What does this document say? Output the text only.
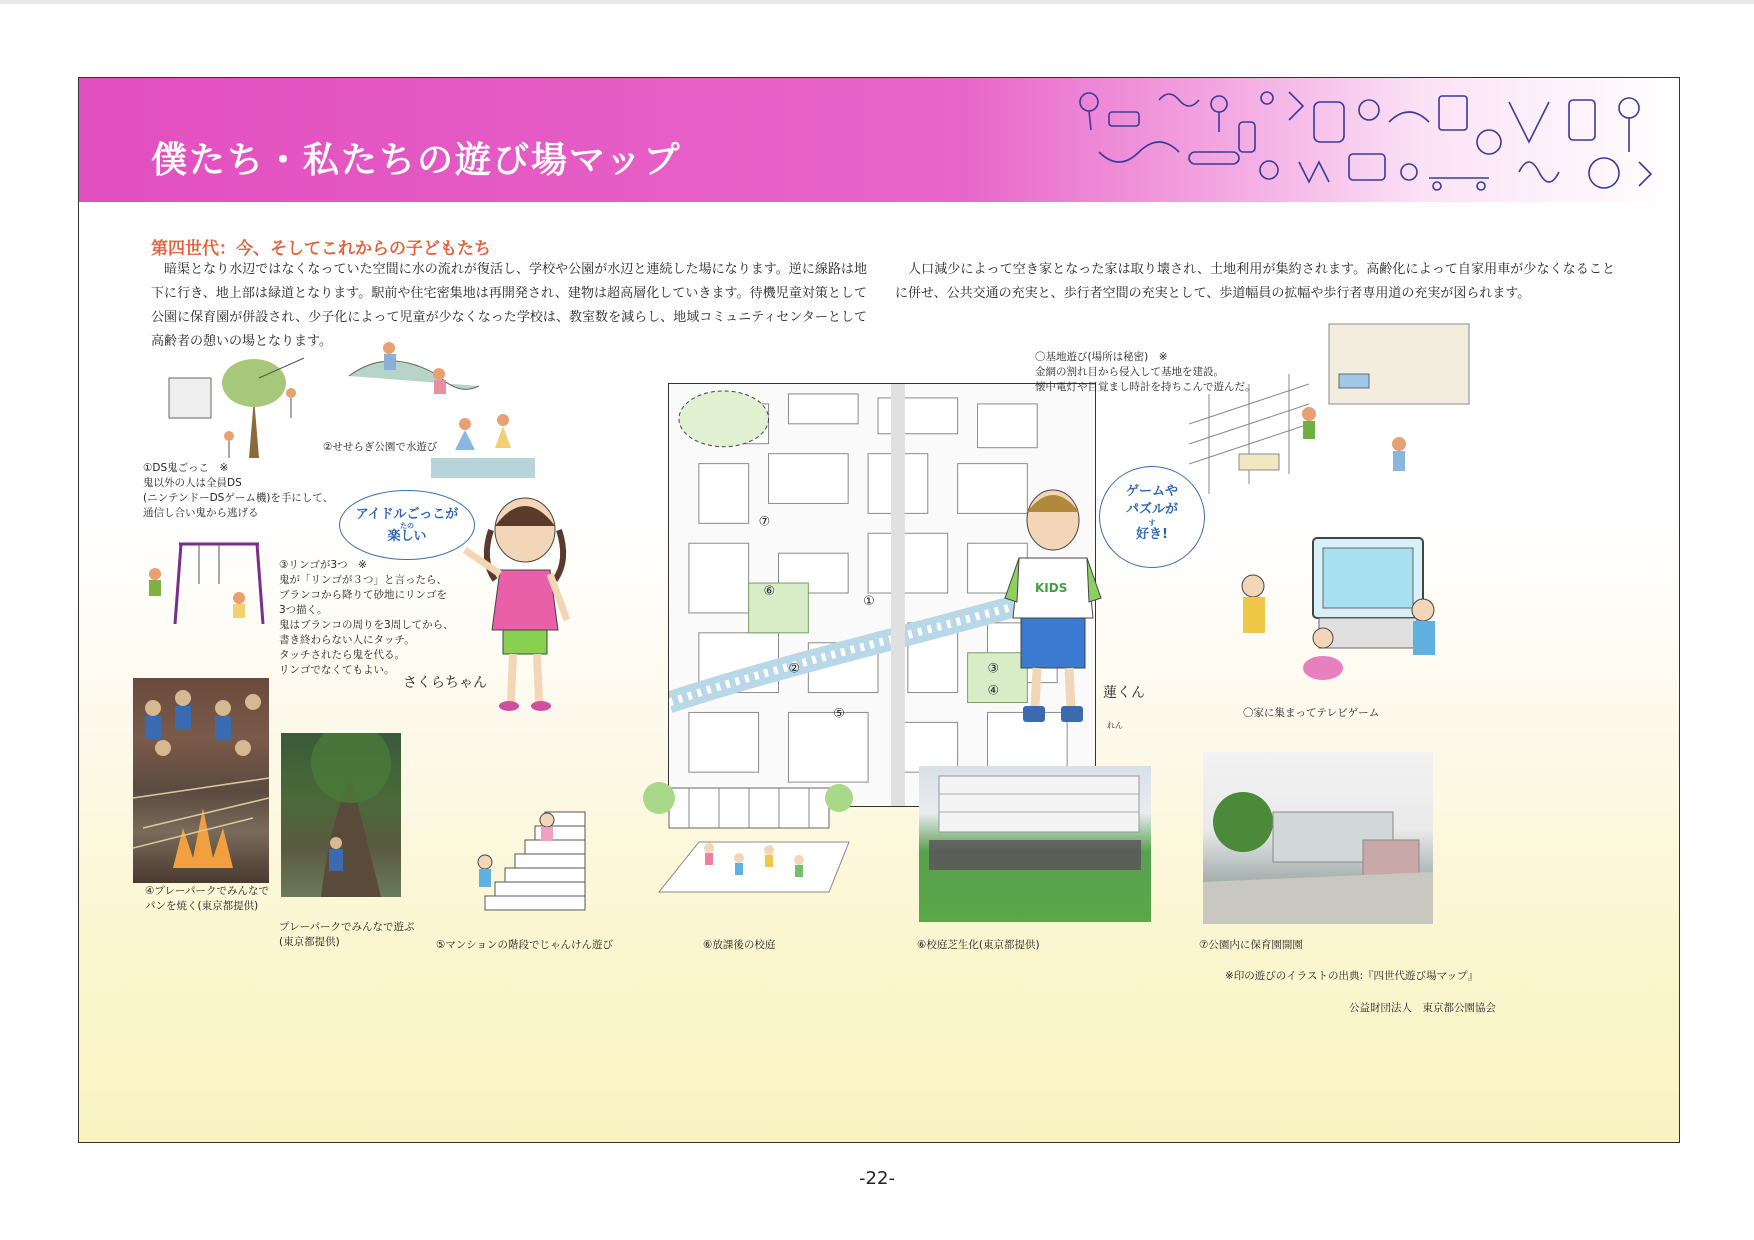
僕たち・私たちの遊び場マップ
第四世代：今、そしてこれからの子どもたち
暗渠となり水辺ではなくなっていた空間に水の流れが復活し、学校や公園が水辺と連続した場になります。逆に線路は地下に行き、地上部は緑道となります。駅前や住宅密集地は再開発され、建物は超高層化していきます。待機児童対策として公園に保育園が併設され、少子化によって児童が少なくなった学校は、教室数を減らし、地域コミュニティセンターとして高齢者の憩いの場となります。
人口減少によって空き家となった家は取り壊され、土地利用が集約されます。高齢化によって自家用車が少なくなることに併せ、公共交通の充実と、歩行者空間の充実として、歩道幅員の拡幅や歩行者専用道の充実が図られます。
①DS鬼ごっこ　※
鬼以外の人は全員DS
(ニンテンドーDSゲーム機)を手にして、
通信し合い鬼から逃げる
②せせらぎ公園で水遊び
③リンゴが3つ　※
鬼が「リンゴが３つ」と言ったら、
ブランコから降りて砂地にリンゴを
3つ描く。
鬼はブランコの周りを3周してから、
書き終わらない人にタッチ。
タッチされたら鬼を代る。
リンゴでなくてもよい。
アイドルごっこが
たの
楽しい
さくらちゃん
①
②	③
④
⑤
⑥
⑦
〇基地遊び(場所は秘密)　※
金網の割れ目から侵入して基地を建設。
懐中電灯や目覚まし時計を持ちこんで遊んだ。
ゲームや
パズルが
す
好き!
KIDS
れん
蓮くん
〇家に集まってテレビゲーム
④プレーパークでみんなで
パンを焼く(東京都提供)
プレーパークでみんなで遊ぶ
(東京都提供)	⑤マンションの階段でじゃんけん遊び	⑥放課後の校庭	⑥校庭芝生化(東京都提供)	⑦公園内に保育園開園
※印の遊びのイラストの出典:『四世代遊び場マップ』
公益財団法人　東京都公園協会
-22-
